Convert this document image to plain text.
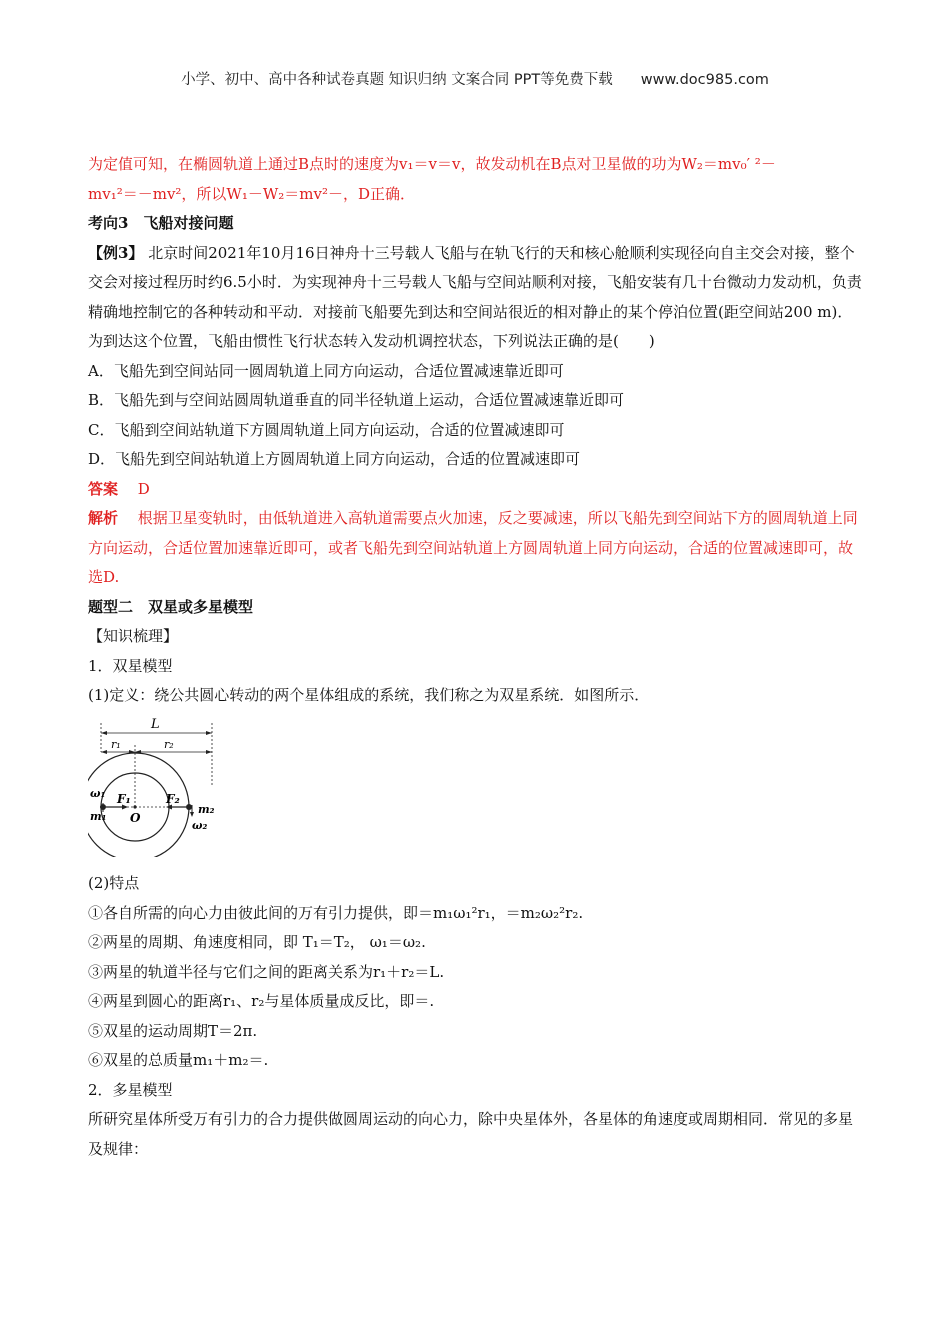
小学、初中、高中各种试卷真题 知识归纳 文案合同 PPT等免费下载 www.doc985.com

为定值可知，在椭圆轨道上通过B点时的速度为v₁＝v＝v，故发动机在B点对卫星做的功为W₂＝mv₀′ ²－

mv₁²＝－mv²，所以W₁－W₂＝mv²－，D正确．

考向3　飞船对接问题

【例3】 北京时间2021年10月16日神舟十三号载人飞船与在轨飞行的天和核心舱顺利实现径向自主交会对接，整个交会对接过程历时约6.5小时．为实现神舟十三号载人飞船与空间站顺利对接，飞船安装有几十台微动力发动机，负责精确地控制它的各种转动和平动．对接前飞船要先到达和空间站很近的相对静止的某个停泊位置(距空间站200 m)．为到达这个位置，飞船由惯性飞行状态转入发动机调控状态，下列说法正确的是(　　)

A．飞船先到空间站同一圆周轨道上同方向运动，合适位置减速靠近即可

B．飞船先到与空间站圆周轨道垂直的同半径轨道上运动，合适位置减速靠近即可

C．飞船到空间站轨道下方圆周轨道上同方向运动，合适的位置减速即可

D．飞船先到空间站轨道上方圆周轨道上同方向运动，合适的位置减速即可

答案　 D

解析　 根据卫星变轨时，由低轨道进入高轨道需要点火加速，反之要减速，所以飞船先到空间站下方的圆周轨道上同方向运动，合适位置加速靠近即可，或者飞船先到空间站轨道上方圆周轨道上同方向运动，合适的位置减速即可，故选D.

题型二　双星或多星模型

【知识梳理】

1．双星模型

(1)定义：绕公共圆心转动的两个星体组成的系统，我们称之为双星系统．如图所示．

L
r₁	r₂
F₁	F₂
O
ω₁
m₁
m₂
ω₂

(2)特点

①各自所需的向心力由彼此间的万有引力提供，即＝m₁ω₁²r₁，＝m₂ω₂²r₂.

②两星的周期、角速度相同，即 T₁＝T₂， ω₁＝ω₂.

③两星的轨道半径与它们之间的距离关系为r₁＋r₂＝L.

④两星到圆心的距离r₁、r₂与星体质量成反比，即＝.

⑤双星的运动周期T＝2π.

⑥双星的总质量m₁＋m₂＝.

2．多星模型

所研究星体所受万有引力的合力提供做圆周运动的向心力，除中央星体外，各星体的角速度或周期相同．常见的多星及规律：
